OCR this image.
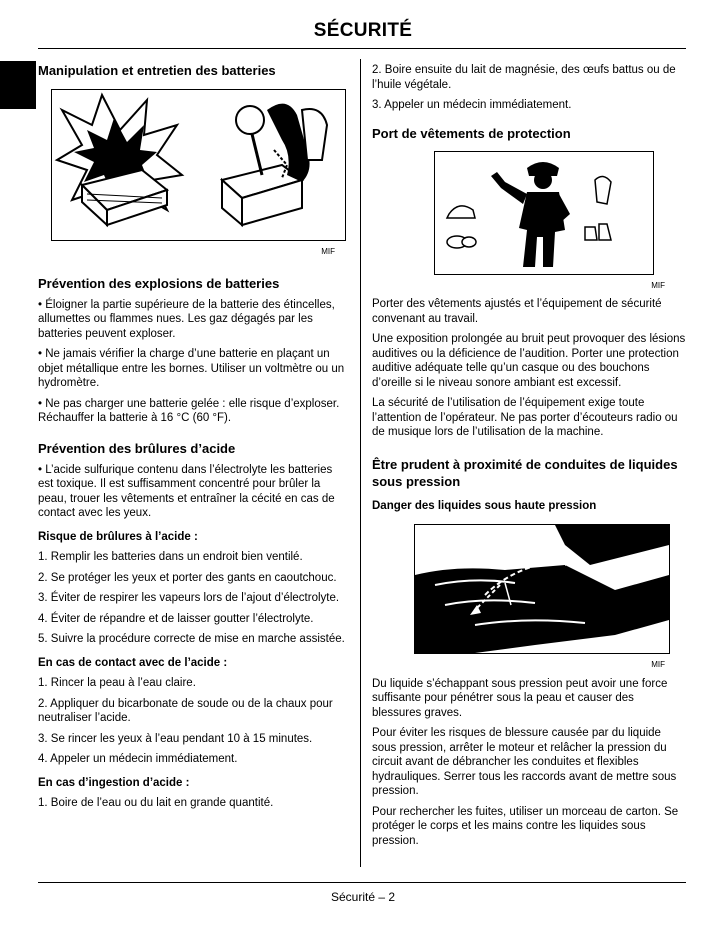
SÉCURITÉ
Manipulation et entretien des batteries
MIF
Prévention des explosions de batteries

• Éloigner la partie supérieure de la batterie des étincelles, allumettes ou flammes nues. Les gaz dégagés par les batteries peuvent exploser.

• Ne jamais vérifier la charge d’une batterie en plaçant un objet métallique entre les bornes. Utiliser un voltmètre ou un hydromètre.

• Ne pas charger une batterie gelée : elle risque d’exploser. Réchauffer la batterie à 16 °C (60 °F).

Prévention des brûlures d’acide

• L’acide sulfurique contenu dans l’électrolyte les batteries est toxique. Il est suffisamment concentré pour brûler la peau, trouer les vêtements et entraîner la cécité en cas de contact avec les yeux.

Risque de brûlures à l’acide :

1. Remplir les batteries dans un endroit bien ventilé.

2. Se protéger les yeux et porter des gants en caoutchouc.

3. Éviter de respirer les vapeurs lors de l’ajout d’électrolyte.

4. Éviter de répandre et de laisser goutter l’électrolyte.

5. Suivre la procédure correcte de mise en marche assistée.

En cas de contact avec de l’acide :

1. Rincer la peau à l’eau claire.

2. Appliquer du bicarbonate de soude ou de la chaux pour neutraliser l’acide.

3. Se rincer les yeux à l’eau pendant 10 à 15 minutes.

4. Appeler un médecin immédiatement.

En cas d’ingestion d’acide :

1. Boire de l’eau ou du lait en grande quantité.

2. Boire ensuite du lait de magnésie, des œufs battus ou de l’huile végétale.

3. Appeler un médecin immédiatement.

Port de vêtements de protection
MIF

Porter des vêtements ajustés et l’équipement de sécurité convenant au travail.

Une exposition prolongée au bruit peut provoquer des lésions auditives ou la déficience de l’audition. Porter une protection auditive adéquate telle qu’un casque ou des bouchons d’oreille si le niveau sonore ambiant est excessif.

La sécurité de l’utilisation de l’équipement exige toute l’attention de l’opérateur. Ne pas porter d’écouteurs radio ou de musique lors de l’utilisation de la machine.

Être prudent à proximité de conduites de liquides sous pression
Danger des liquides sous haute pression
MIF

Du liquide s’échappant sous pression peut avoir une force suffisante pour pénétrer sous la peau et causer des blessures graves.

Pour éviter les risques de blessure causée par du liquide sous pression, arrêter le moteur et relâcher la pression du circuit avant de débrancher les conduites et flexibles hydrauliques. Serrer tous les raccords avant de mettre sous pression.

Pour rechercher les fuites, utiliser un morceau de carton. Se protéger le corps et les mains contre les liquides sous pression.

Sécurité – 2
